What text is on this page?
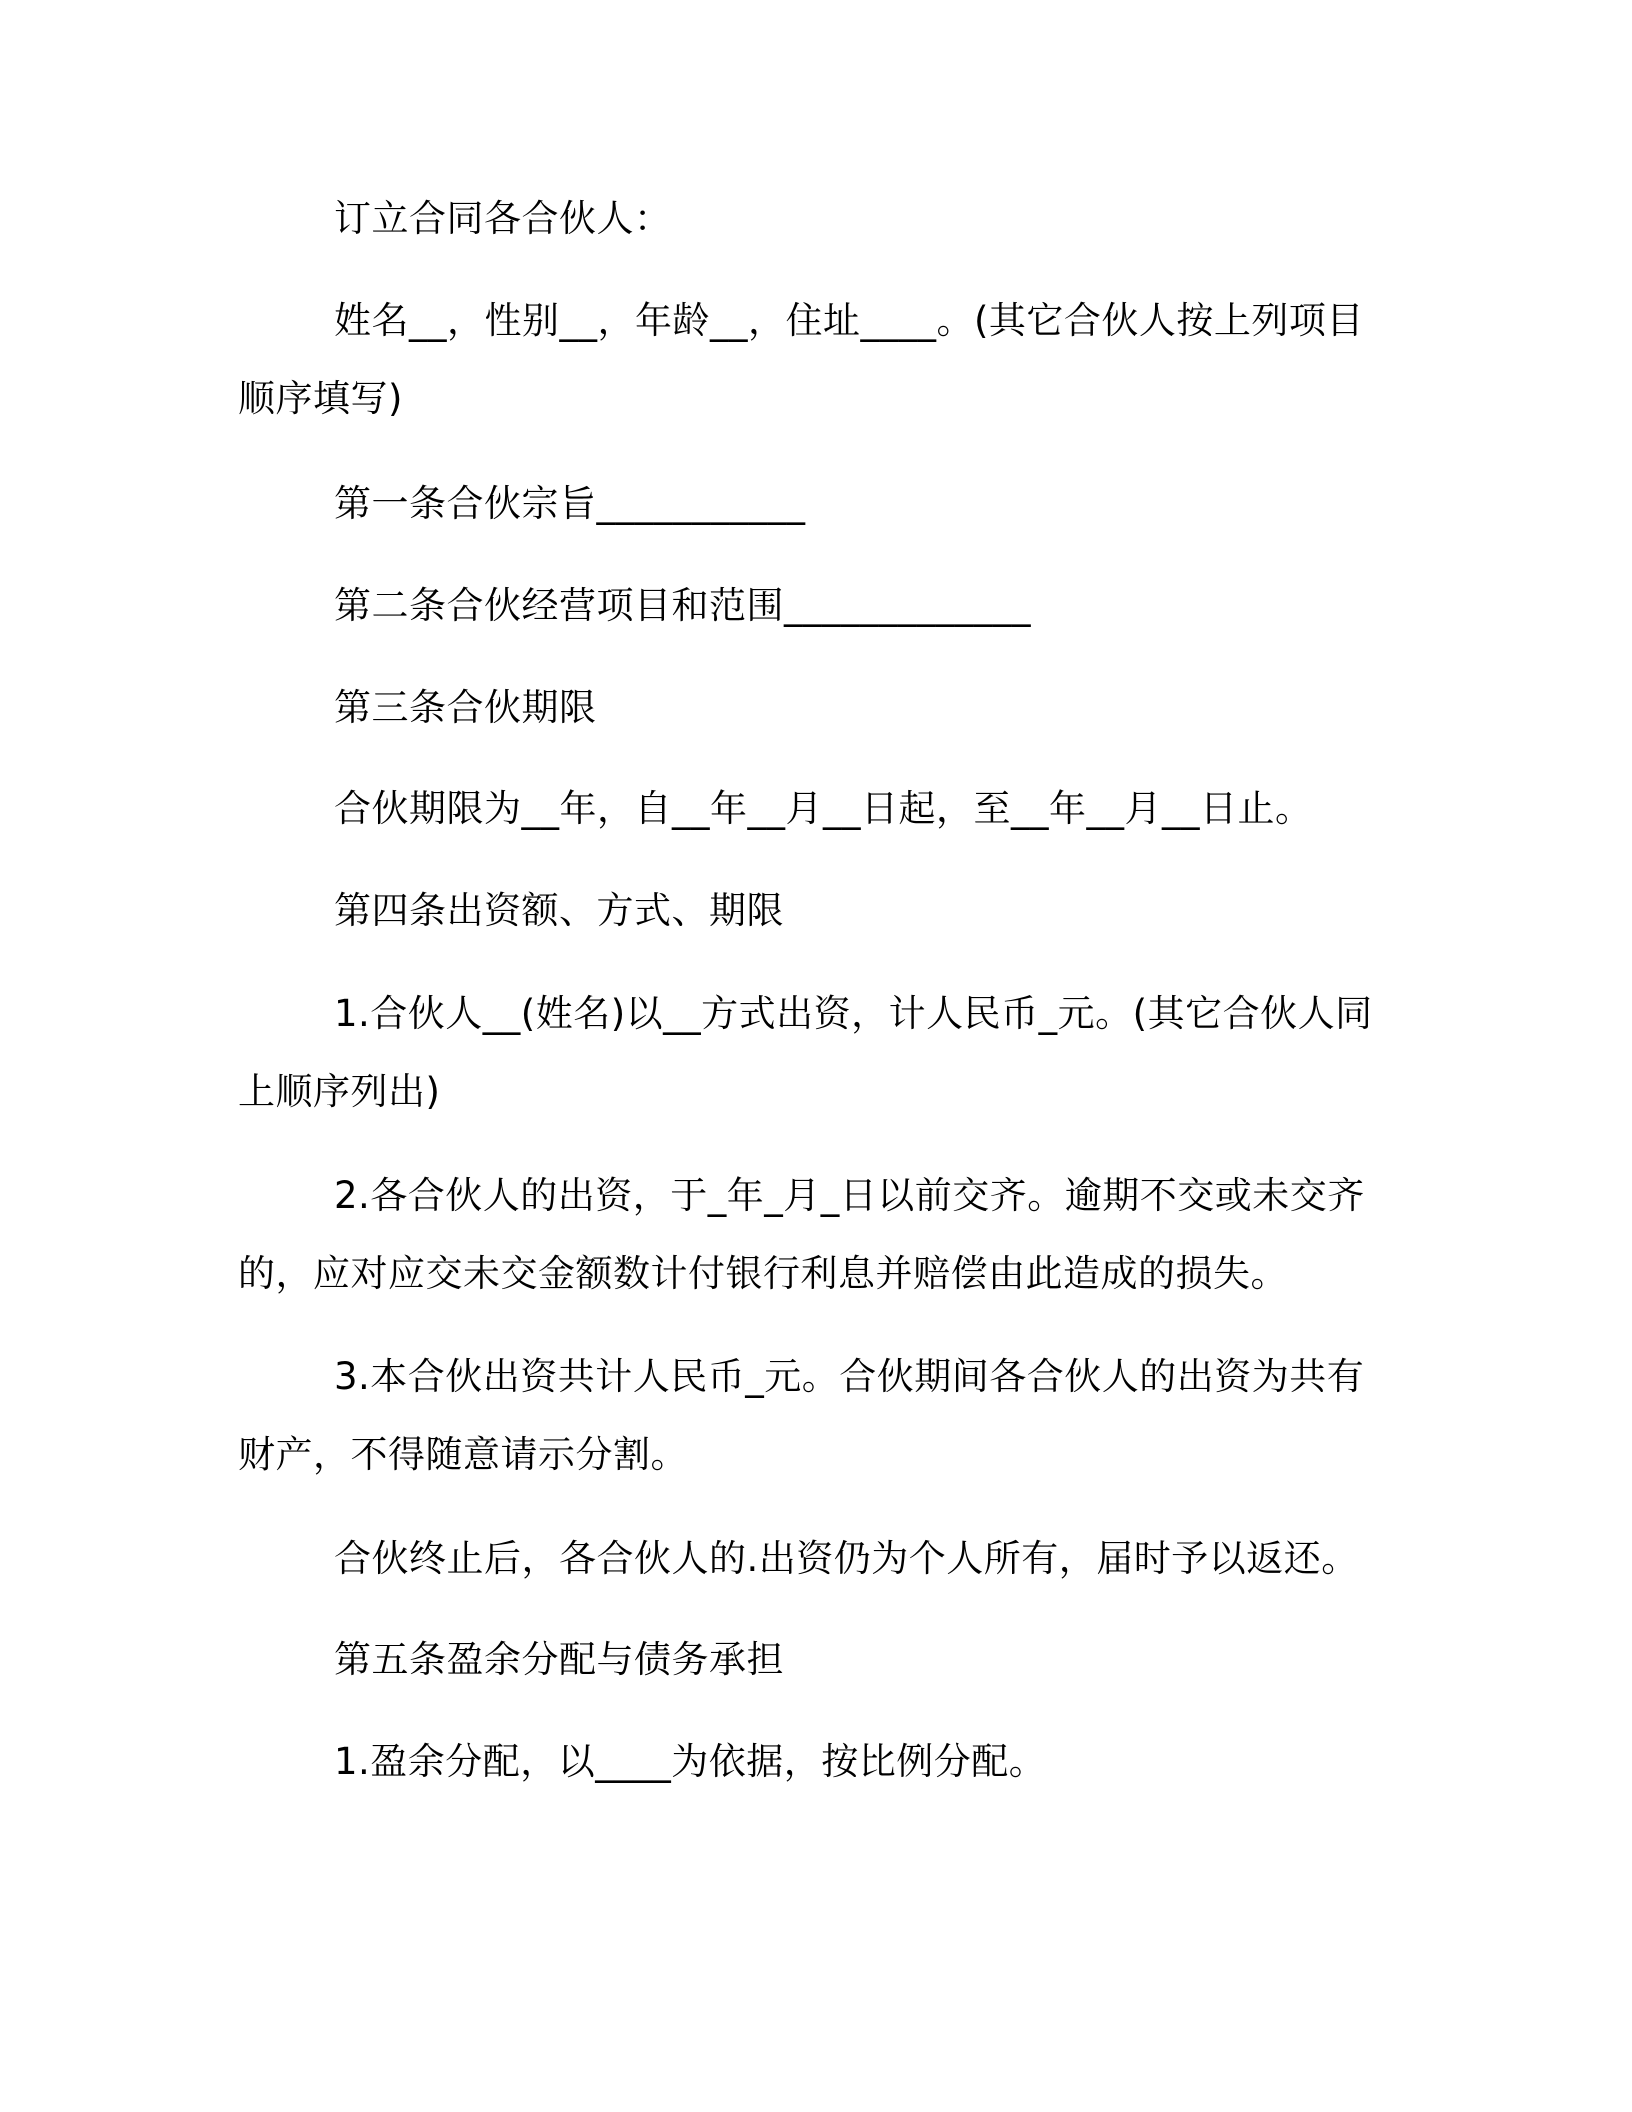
订立合同各合伙人：

姓名__，性别__，年龄__，住址____。(其它合伙人按上列项目顺序填写)

第一条合伙宗旨___________

第二条合伙经营项目和范围_____________

第三条合伙期限

合伙期限为__年，自__年__月__日起，至__年__月__日止。

第四条出资额、方式、期限

1.合伙人__(姓名)以__方式出资，计人民币_元。(其它合伙人同上顺序列出)

2.各合伙人的出资，于_年_月_日以前交齐。逾期不交或未交齐的，应对应交未交金额数计付银行利息并赔偿由此造成的损失。

3.本合伙出资共计人民币_元。合伙期间各合伙人的出资为共有财产，不得随意请示分割。

合伙终止后，各合伙人的.出资仍为个人所有，届时予以返还。

第五条盈余分配与债务承担

1.盈余分配，以____为依据，按比例分配。
